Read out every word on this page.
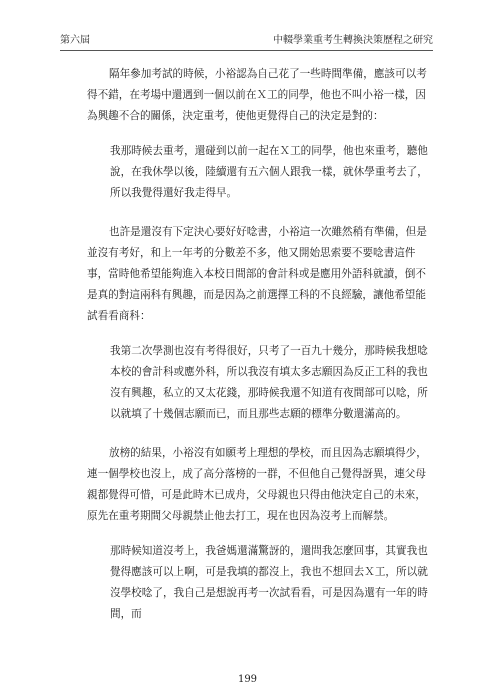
第六屆	中輟學業重考生轉換決策歷程之研究

隔年參加考試的時候，小裕認為自己花了一些時間準備，應該可以考得不錯，在考場中還遇到一個以前在Ｘ工的同學，他也不叫小裕一樣，因為興趣不合的關係，決定重考，使他更覺得自己的決定是對的：

我那時候去重考，還碰到以前一起在Ｘ工的同學，他也來重考，聽他說，在我休學以後，陸續還有五六個人跟我一樣，就休學重考去了，所以我覺得還好我走得早。

也許是還沒有下定決心要好好唸書，小裕這一次雖然稍有準備，但是並沒有考好，和上一年考的分數差不多，他又開始思索要不要唸書這件事，當時他希望能夠進入本校日間部的會計科或是應用外語科就讀，倒不是真的對這兩科有興趣，而是因為之前選擇工科的不良經驗，讓他希望能試看看商科：

我第二次學測也沒有考得很好，只考了一百九十幾分，那時候我想唸本校的會計科或應外科，所以我沒有填太多志願因為反正工科的我也沒有興趣，私立的又太花錢，那時候我還不知道有夜間部可以唸，所以就填了十幾個志願而已，而且那些志願的標準分數還滿高的。

放榜的結果，小裕沒有如願考上理想的學校，而且因為志願填得少，連一個學校也沒上，成了高分落榜的一群，不但他自己覺得訝異，連父母親都覺得可惜，可是此時木已成舟，父母親也只得由他決定自己的未來，原先在重考期間父母親禁止他去打工，現在也因為沒考上而解禁。

那時候知道沒考上，我爸媽還滿驚訝的，還問我怎麼回事，其實我也覺得應該可以上啊，可是我填的都沒上，我也不想回去Ｘ工，所以就沒學校唸了，我自己是想說再考一次試看看，可是因為還有一年的時間，而

199
